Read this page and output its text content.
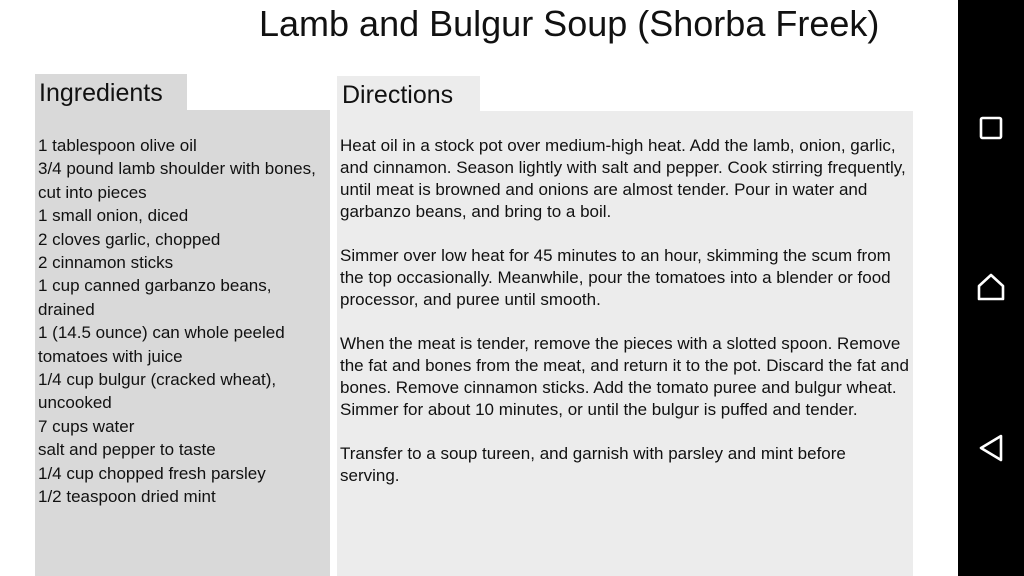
Lamb and Bulgur Soup (Shorba Freek)
Ingredients
1 tablespoon olive oil
3/4 pound lamb shoulder with bones, cut into pieces
1 small onion, diced
2 cloves garlic, chopped
2 cinnamon sticks
1 cup canned garbanzo beans, drained
1 (14.5 ounce) can whole peeled tomatoes with juice
1/4 cup bulgur (cracked wheat), uncooked
7 cups water
salt and pepper to taste
1/4 cup chopped fresh parsley
1/2 teaspoon dried mint
Directions

Heat oil in a stock pot over medium-high heat. Add the lamb, onion, garlic, and cinnamon. Season lightly with salt and pepper. Cook stirring frequently, until meat is browned and onions are almost tender. Pour in water and garbanzo beans, and bring to a boil.

Simmer over low heat for 45 minutes to an hour, skimming the scum from the top occasionally. Meanwhile, pour the tomatoes into a blender or food processor, and puree until smooth.

When the meat is tender, remove the pieces with a slotted spoon. Remove the fat and bones from the meat, and return it to the pot. Discard the fat and bones. Remove cinnamon sticks. Add the tomato puree and bulgur wheat. Simmer for about 10 minutes, or until the bulgur is puffed and tender.

Transfer to a soup tureen, and garnish with parsley and mint before serving.
